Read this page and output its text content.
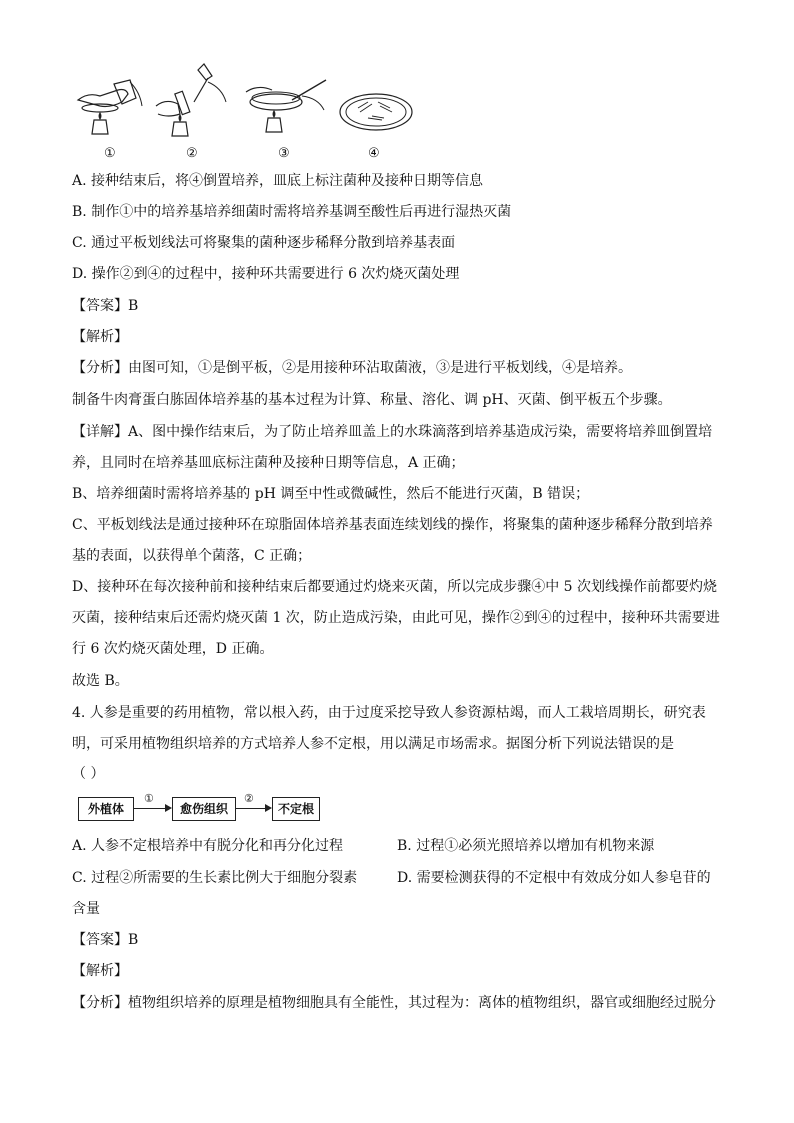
①	②	③	④
A. 接种结束后，将④倒置培养，皿底上标注菌种及接种日期等信息
B. 制作①中的培养基培养细菌时需将培养基调至酸性后再进行湿热灭菌
C. 通过平板划线法可将聚集的菌种逐步稀释分散到培养基表面
D. 操作②到④的过程中，接种环共需要进行 6 次灼烧灭菌处理
【答案】B
【解析】
【分析】由图可知，①是倒平板，②是用接种环沾取菌液，③是进行平板划线，④是培养。
制备牛肉膏蛋白胨固体培养基的基本过程为计算、称量、溶化、调 pH、灭菌、倒平板五个步骤。
【详解】A、图中操作结束后，为了防止培养皿盖上的水珠滴落到培养基造成污染，需要将培养皿倒置培
养，且同时在培养基皿底标注菌种及接种日期等信息，A 正确；
B、培养细菌时需将培养基的 pH 调至中性或微碱性，然后不能进行灭菌，B 错误；
C、平板划线法是通过接种环在琼脂固体培养基表面连续划线的操作，将聚集的菌种逐步稀释分散到培养
基的表面，以获得单个菌落，C 正确；
D、接种环在每次接种前和接种结束后都要通过灼烧来灭菌，所以完成步骤④中 5 次划线操作前都要灼烧
灭菌，接种结束后还需灼烧灭菌 1 次，防止造成污染，由此可见，操作②到④的过程中，接种环共需要进
行 6 次灼烧灭菌处理，D 正确。
故选 B。
4. 人参是重要的药用植物，常以根入药，由于过度采挖导致人参资源枯竭，而人工栽培周期长，研究表
明，可采用植物组织培养的方式培养人参不定根，用以满足市场需求。据图分析下列说法错误的是
（ ）
外植体
①
愈伤组织
②
不定根
A. 人参不定根培养中有脱分化和再分化过程	B. 过程①必须光照培养以增加有机物来源
C. 过程②所需要的生长素比例大于细胞分裂素	D. 需要检测获得的不定根中有效成分如人参皂苷的
含量
【答案】B
【解析】
【分析】植物组织培养的原理是植物细胞具有全能性，其过程为：离体的植物组织，器官或细胞经过脱分
